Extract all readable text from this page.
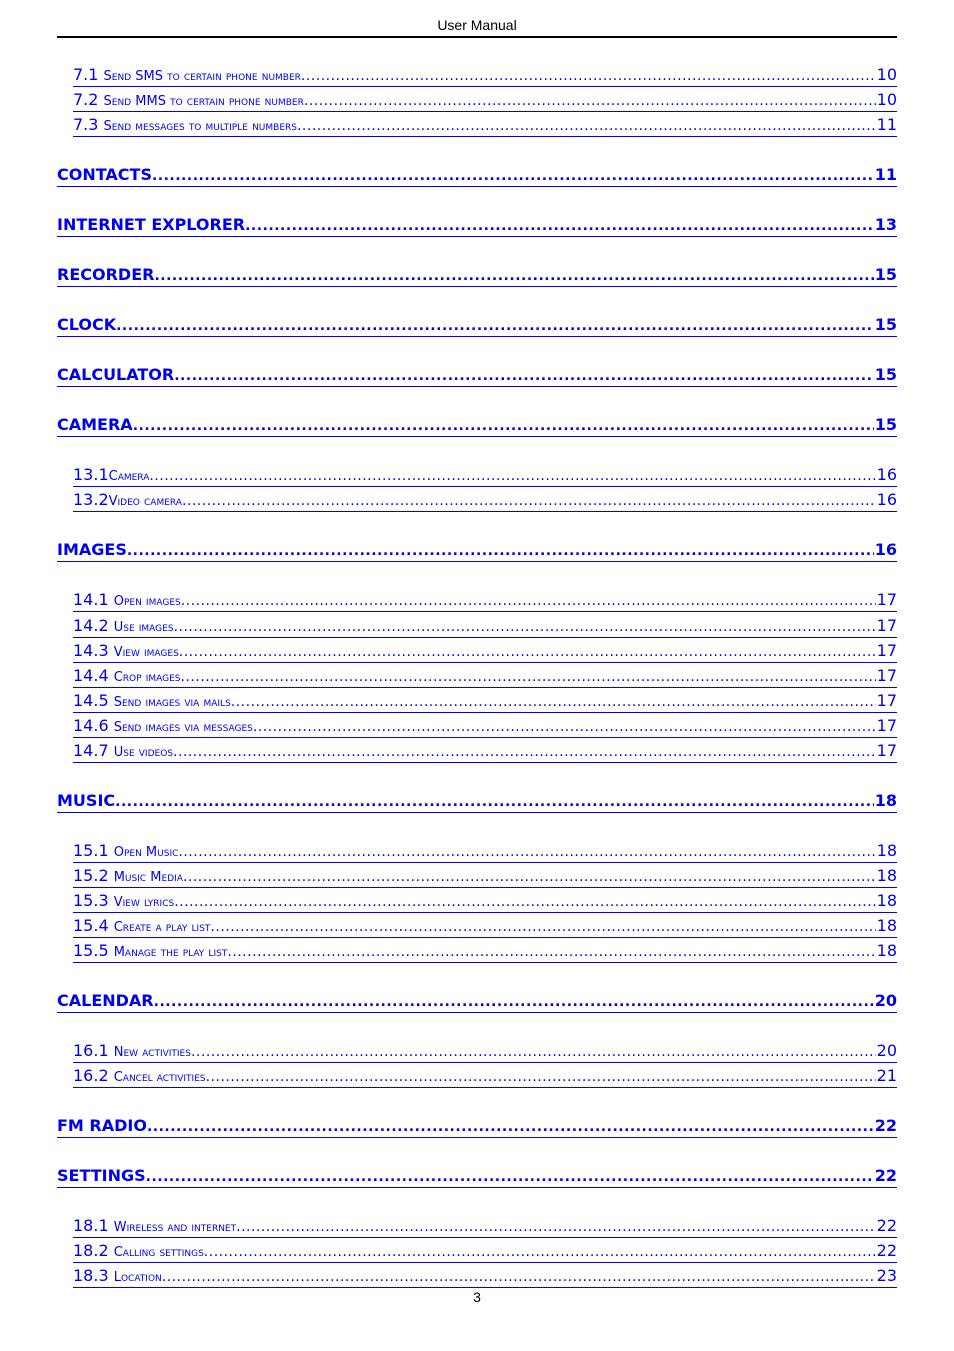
User Manual
7.1 Send SMS to certain phone number .....	10
7.2 Send MMS to certain phone number .....	10
7.3 Send messages to multiple numbers .....	11
CONTACTS .....	11
INTERNET EXPLORER .....	13
RECORDER .....	15
CLOCK .....	15
CALCULATOR .....	15
CAMERA .....	15
13.1Camera .....	16
13.2Video camera .....	16
IMAGES .....	16
14.1 Open images .....	17
14.2 Use images .....	17
14.3 View images .....	17
14.4 Crop images .....	17
14.5 Send images via mails .....	17
14.6 Send images via messages .....	17
14.7 Use videos .....	17
MUSIC .....	18
15.1 Open Music .....	18
15.2 Music Media .....	18
15.3 View lyrics .....	18
15.4 Create a play list .....	18
15.5 Manage the play list .....	18
CALENDAR .....	20
16.1 New activities .....	20
16.2 Cancel activities .....	21
FM RADIO .....	22
SETTINGS .....	22
18.1 Wireless and internet .....	22
18.2 Calling settings .....	22
18.3 Location .....	23
3
